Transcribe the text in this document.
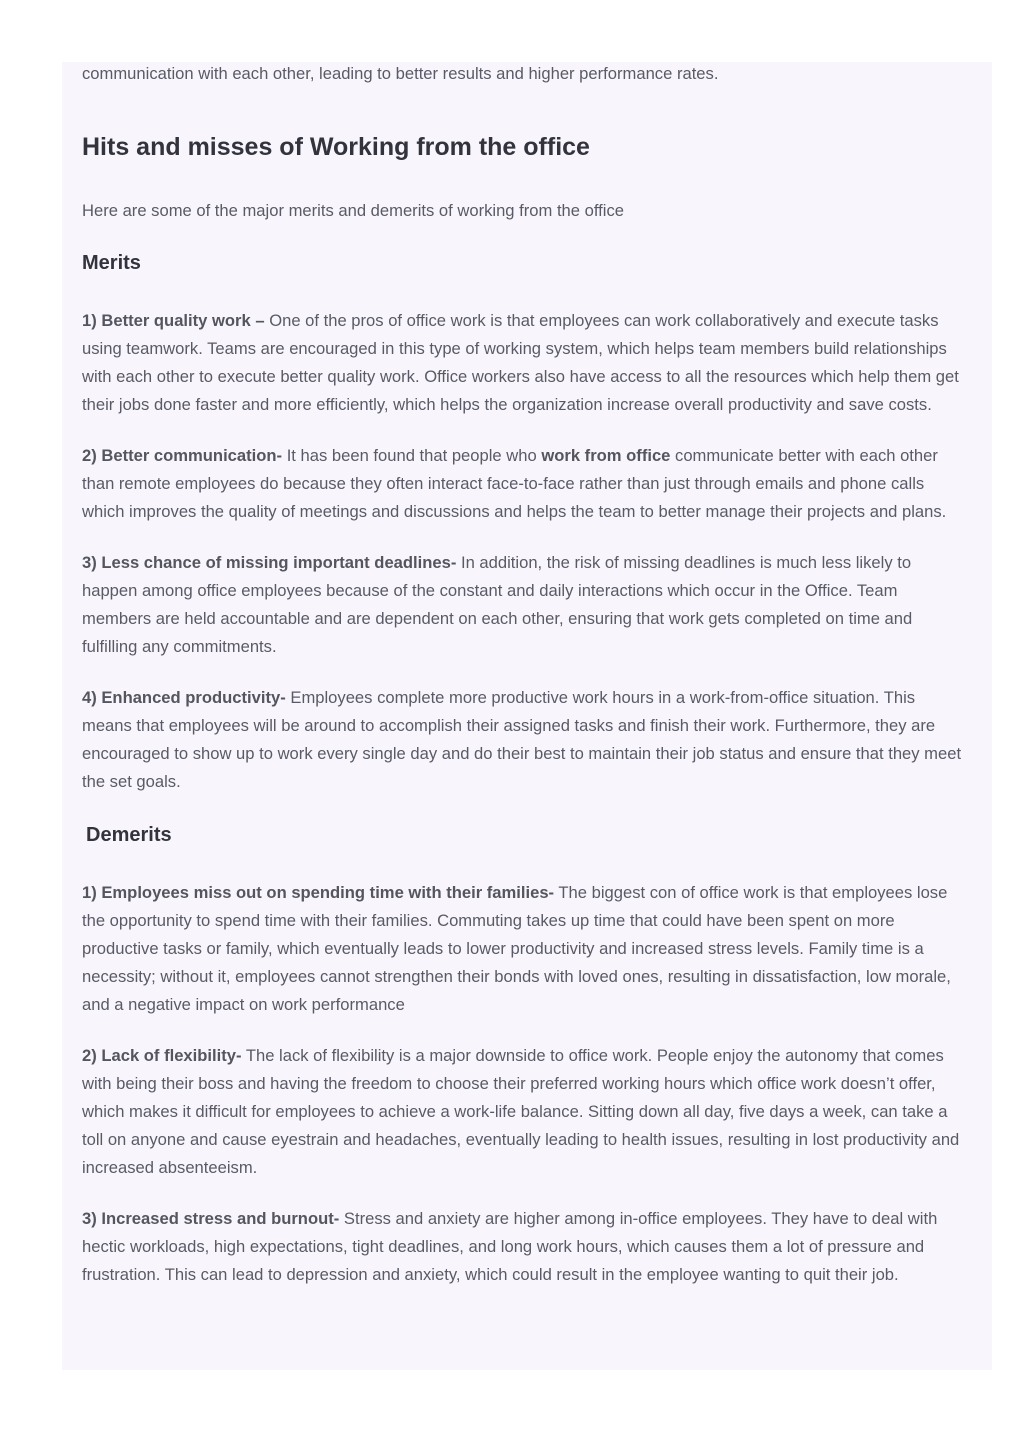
communication with each other, leading to better results and higher performance rates.

Hits and misses of Working from the office

Here are some of the major merits and demerits of working from the office

Merits

1) Better quality work – One of the pros of office work is that employees can work collaboratively and execute tasks using teamwork. Teams are encouraged in this type of working system, which helps team members build relationships with each other to execute better quality work. Office workers also have access to all the resources which help them get their jobs done faster and more efficiently, which helps the organization increase overall productivity and save costs.

2) Better communication- It has been found that people who work from office communicate better with each other than remote employees do because they often interact face-to-face rather than just through emails and phone calls which improves the quality of meetings and discussions and helps the team to better manage their projects and plans.

3) Less chance of missing important deadlines- In addition, the risk of missing deadlines is much less likely to happen among office employees because of the constant and daily interactions which occur in the Office. Team members are held accountable and are dependent on each other, ensuring that work gets completed on time and fulfilling any commitments.

4) Enhanced productivity- Employees complete more productive work hours in a work-from-office situation. This means that employees will be around to accomplish their assigned tasks and finish their work. Furthermore, they are encouraged to show up to work every single day and do their best to maintain their job status and ensure that they meet the set goals.

Demerits

1) Employees miss out on spending time with their families- The biggest con of office work is that employees lose the opportunity to spend time with their families. Commuting takes up time that could have been spent on more productive tasks or family, which eventually leads to lower productivity and increased stress levels. Family time is a necessity; without it, employees cannot strengthen their bonds with loved ones, resulting in dissatisfaction, low morale, and a negative impact on work performance

2) Lack of flexibility- The lack of flexibility is a major downside to office work. People enjoy the autonomy that comes with being their boss and having the freedom to choose their preferred working hours which office work doesn’t offer, which makes it difficult for employees to achieve a work-life balance. Sitting down all day, five days a week, can take a toll on anyone and cause eyestrain and headaches, eventually leading to health issues, resulting in lost productivity and increased absenteeism.

3) Increased stress and burnout- Stress and anxiety are higher among in-office employees. They have to deal with hectic workloads, high expectations, tight deadlines, and long work hours, which causes them a lot of pressure and frustration. This can lead to depression and anxiety, which could result in the employee wanting to quit their job.
